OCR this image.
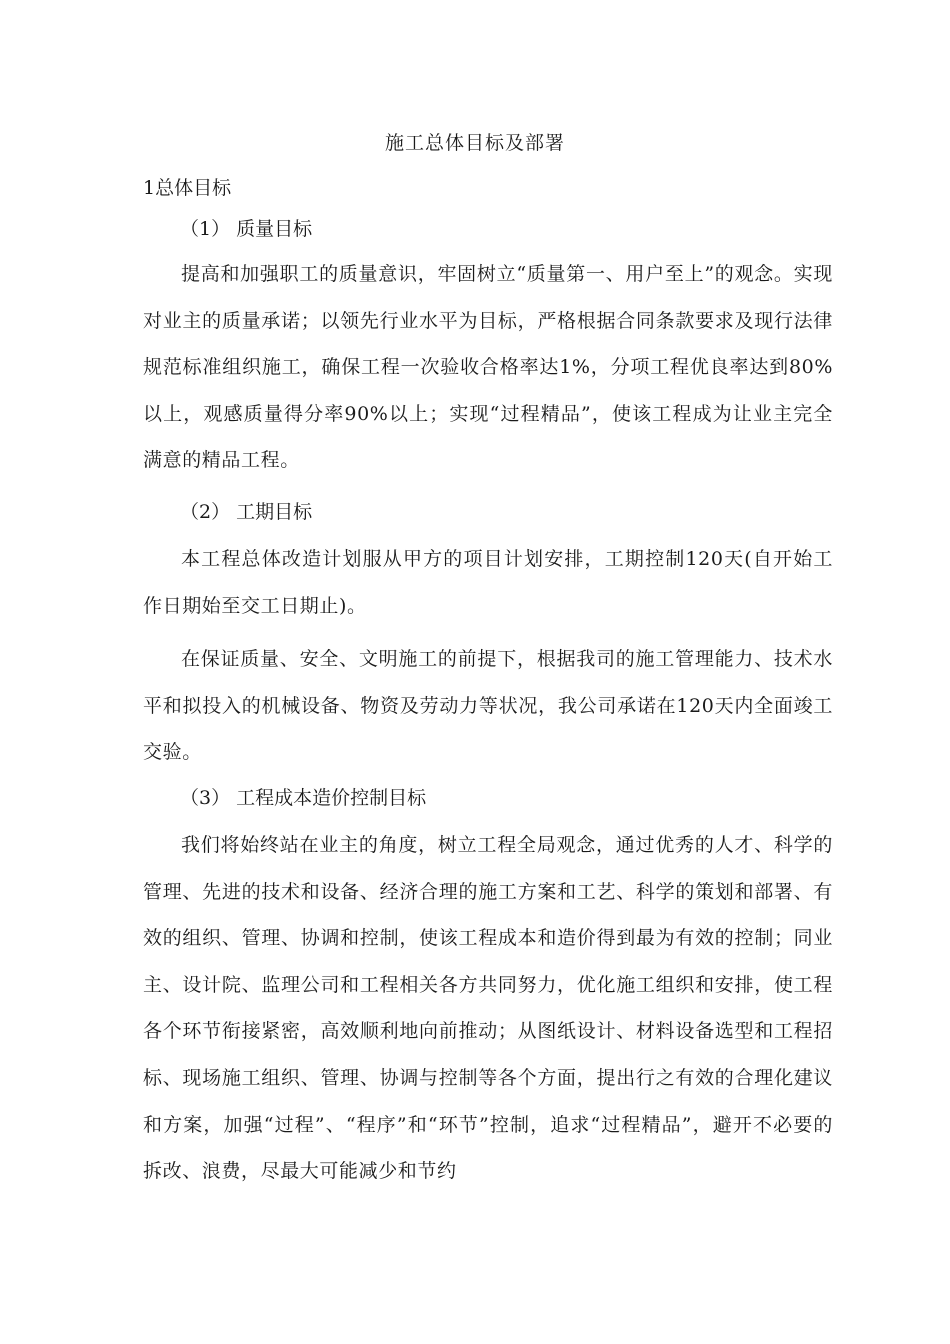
施工总体目标及部署
1总体目标
（1） 质量目标

提高和加强职工的质量意识，牢固树立“质量第一、用户至上”的观念。实现对业主的质量承诺；以领先行业水平为目标，严格根据合同条款要求及现行法律规范标准组织施工，确保工程一次验收合格率达1%，分项工程优良率达到80%以上，观感质量得分率90%以上；实现“过程精品”，使该工程成为让业主完全满意的精品工程。

（2） 工期目标

本工程总体改造计划服从甲方的项目计划安排，工期控制120天(自开始工作日期始至交工日期止)。

在保证质量、安全、文明施工的前提下，根据我司的施工管理能力、技术水平和拟投入的机械设备、物资及劳动力等状况，我公司承诺在120天内全面竣工交验。

（3） 工程成本造价控制目标

我们将始终站在业主的角度，树立工程全局观念，通过优秀的人才、科学的管理、先进的技术和设备、经济合理的施工方案和工艺、科学的策划和部署、有效的组织、管理、协调和控制，使该工程成本和造价得到最为有效的控制；同业主、设计院、监理公司和工程相关各方共同努力，优化施工组织和安排，使工程各个环节衔接紧密，高效顺利地向前推动；从图纸设计、材料设备选型和工程招标、现场施工组织、管理、协调与控制等各个方面，提出行之有效的合理化建议和方案，加强“过程”、“程序”和“环节”控制，追求“过程精品”，避开不必要的拆改、浪费，尽最大可能减少和节约
